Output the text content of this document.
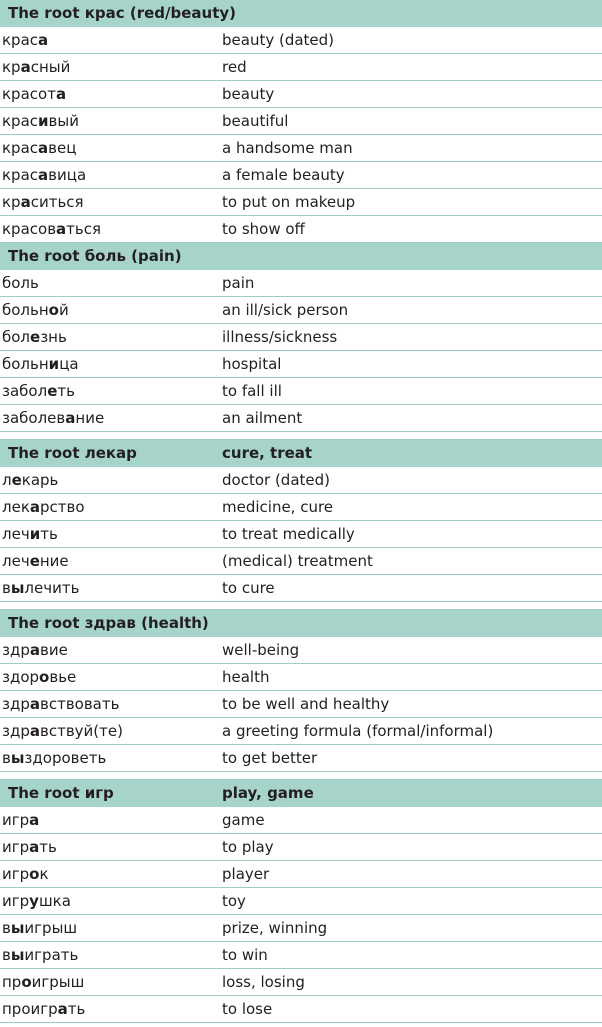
The root крас (red/beauty)
краса	beauty (dated)
красный	red
красота	beauty
красивый	beautiful
красавец	a handsome man
красавица	a female beauty
краситься	to put on makeup
красоваться	to show off
The root боль (pain)
боль	pain
больной	an ill/sick person
болезнь	illness/sickness
больница	hospital
заболеть	to fall ill
заболевание	an ailment
The root лекар	cure, treat
лекарь	doctor (dated)
лекарство	medicine, cure
лечить	to treat medically
лечение	(medical) treatment
вылечить	to cure
The root здрав (health)
здравие	well-being
здоровье	health
здравствовать	to be well and healthy
здравствуй(те)	a greeting formula (formal/informal)
выздороветь	to get better
The root игр	play, game
игра	game
играть	to play
игрок	player
игрушка	toy
выигрыш	prize, winning
выиграть	to win
проигрыш	loss, losing
проиграть	to lose
